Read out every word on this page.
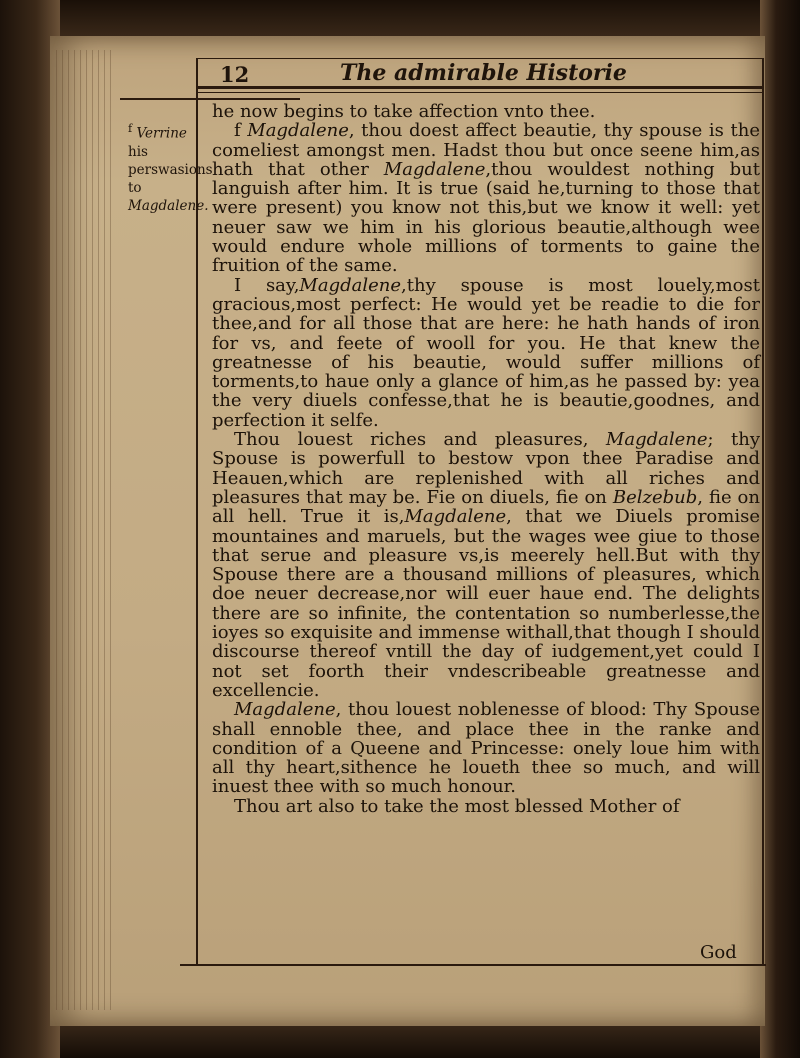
12	The admirable Historie
$^f$ Verrine his perswasions to Magdalene.

he now begins to take affection vnto thee.

f Magdalene, thou doest affect beautie, thy spouse is the comeliest amongst men. Hadst thou but once seene him,as hath that other Magdalene,thou wouldest nothing but languish after him. It is true (said he,turning to those that were present) you know not this,but we know it well: yet neuer saw we him in his glorious beautie,although wee would endure whole millions of torments to gaine the fruition of the same.

I say,Magdalene,thy spouse is most louely,most gracious,most perfect: He would yet be readie to die for thee,and for all those that are here: he hath hands of iron for vs, and feete of wooll for you. He that knew the greatnesse of his beautie, would suffer millions of torments,to haue only a glance of him,as he passed by: yea the very diuels confesse,that he is beautie,goodnes, and perfection it selfe.

Thou louest riches and pleasures, Magdalene; thy Spouse is powerfull to bestow vpon thee Paradise and Heauen,which are replenished with all riches and pleasures that may be. Fie on diuels, fie on Belzebub, fie on all hell. True it is,Magdalene, that we Diuels promise mountaines and maruels, but the wages wee giue to those that serue and pleasure vs,is meerely hell.But with thy Spouse there are a thousand millions of pleasures, which doe neuer decrease,nor will euer haue end. The delights there are so infinite, the contentation so numberlesse,the ioyes so exquisite and immense withall,that though I should discourse thereof vntill the day of iudgement,yet could I not set foorth their vndescribeable greatnesse and excellencie.

Magdalene, thou louest noblenesse of blood: Thy Spouse shall ennoble thee, and place thee in the ranke and condition of a Queene and Princesse: onely loue him with all thy heart,sithence he loueth thee so much, and will inuest thee with so much honour.

Thou art also to take the most blessed Mother of

God
